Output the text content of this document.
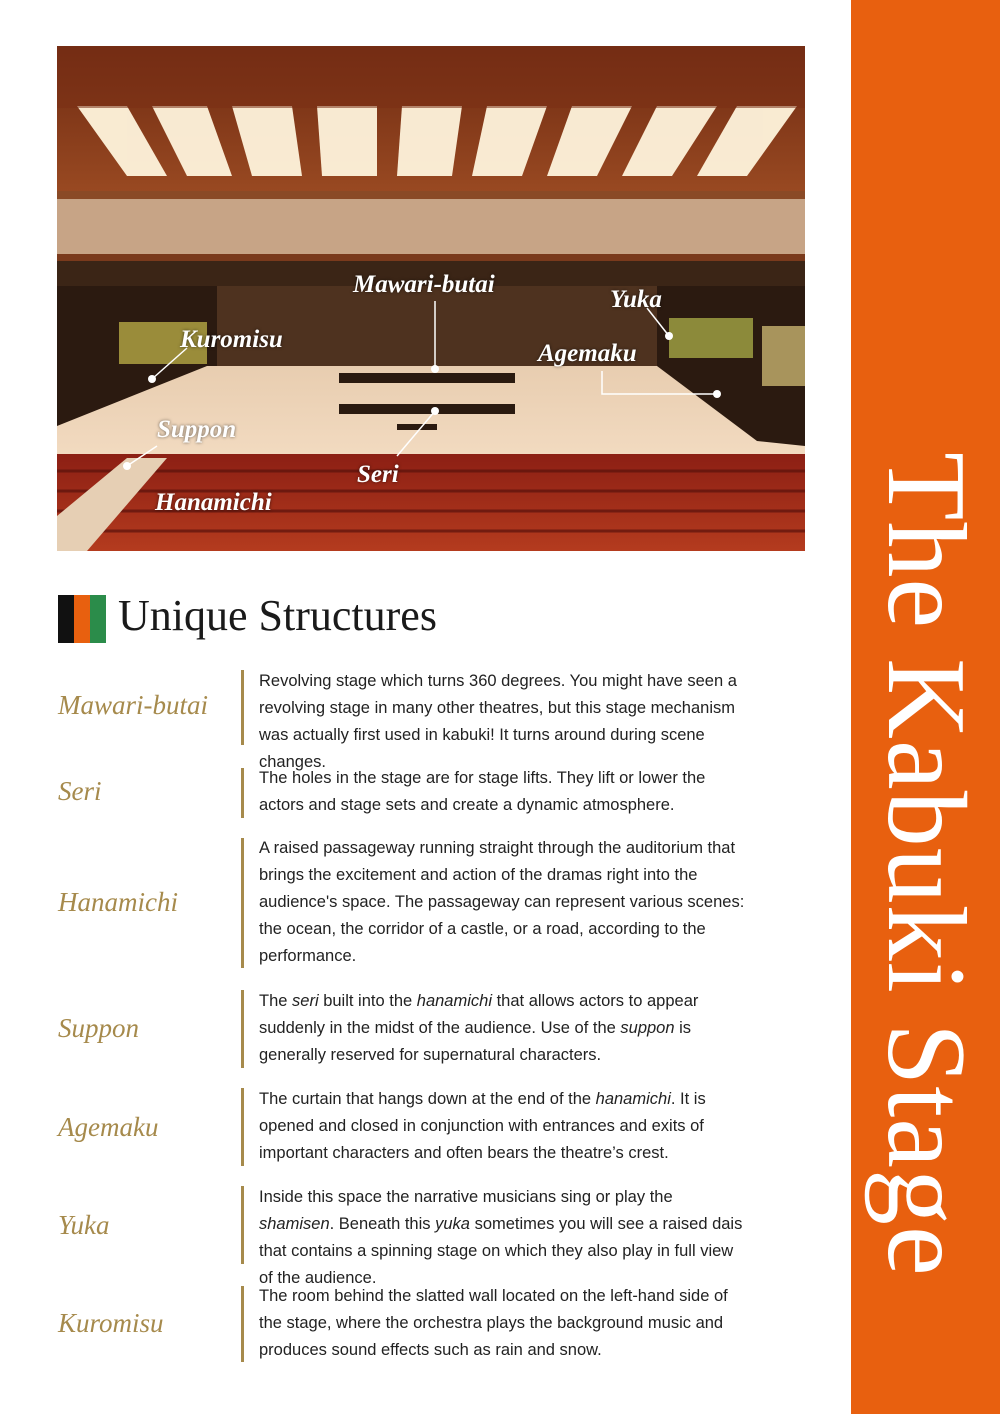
The Kabuki Stage
Mawari-butai
Yuka
Kuromisu
Agemaku
Suppon
Seri
Hanamichi
Unique Structures
Mawari-butai

Revolving stage which turns 360 degrees. You might have seen a revolving stage in many other theatres, but this stage mechanism was actually first used in kabuki! It turns around during scene changes.

Seri	The holes in the stage are for stage lifts. They lift or lower the actors and stage sets and create a dynamic atmosphere.

Hanamichi

A raised passageway running straight through the auditorium that brings the excitement and action of the dramas right into the audience's space. The passageway can represent various scenes: the ocean, the corridor of a castle, or a road, according to the performance.

Suppon

The seri built into the hanamichi that allows actors to appear suddenly in the midst of the audience. Use of the suppon is generally reserved for supernatural characters.

Agemaku

The curtain that hangs down at the end of the hanamichi. It is opened and closed in conjunction with entrances and exits of important characters and often bears the theatre’s crest.

Yuka

Inside this space the narrative musicians sing or play the shamisen. Beneath this yuka sometimes you will see a raised dais that contains a spinning stage on which they also play in full view of the audience.

Kuromisu

The room behind the slatted wall located on the left-hand side of the stage, where the orchestra plays the background music and produces sound effects such as rain and snow.
